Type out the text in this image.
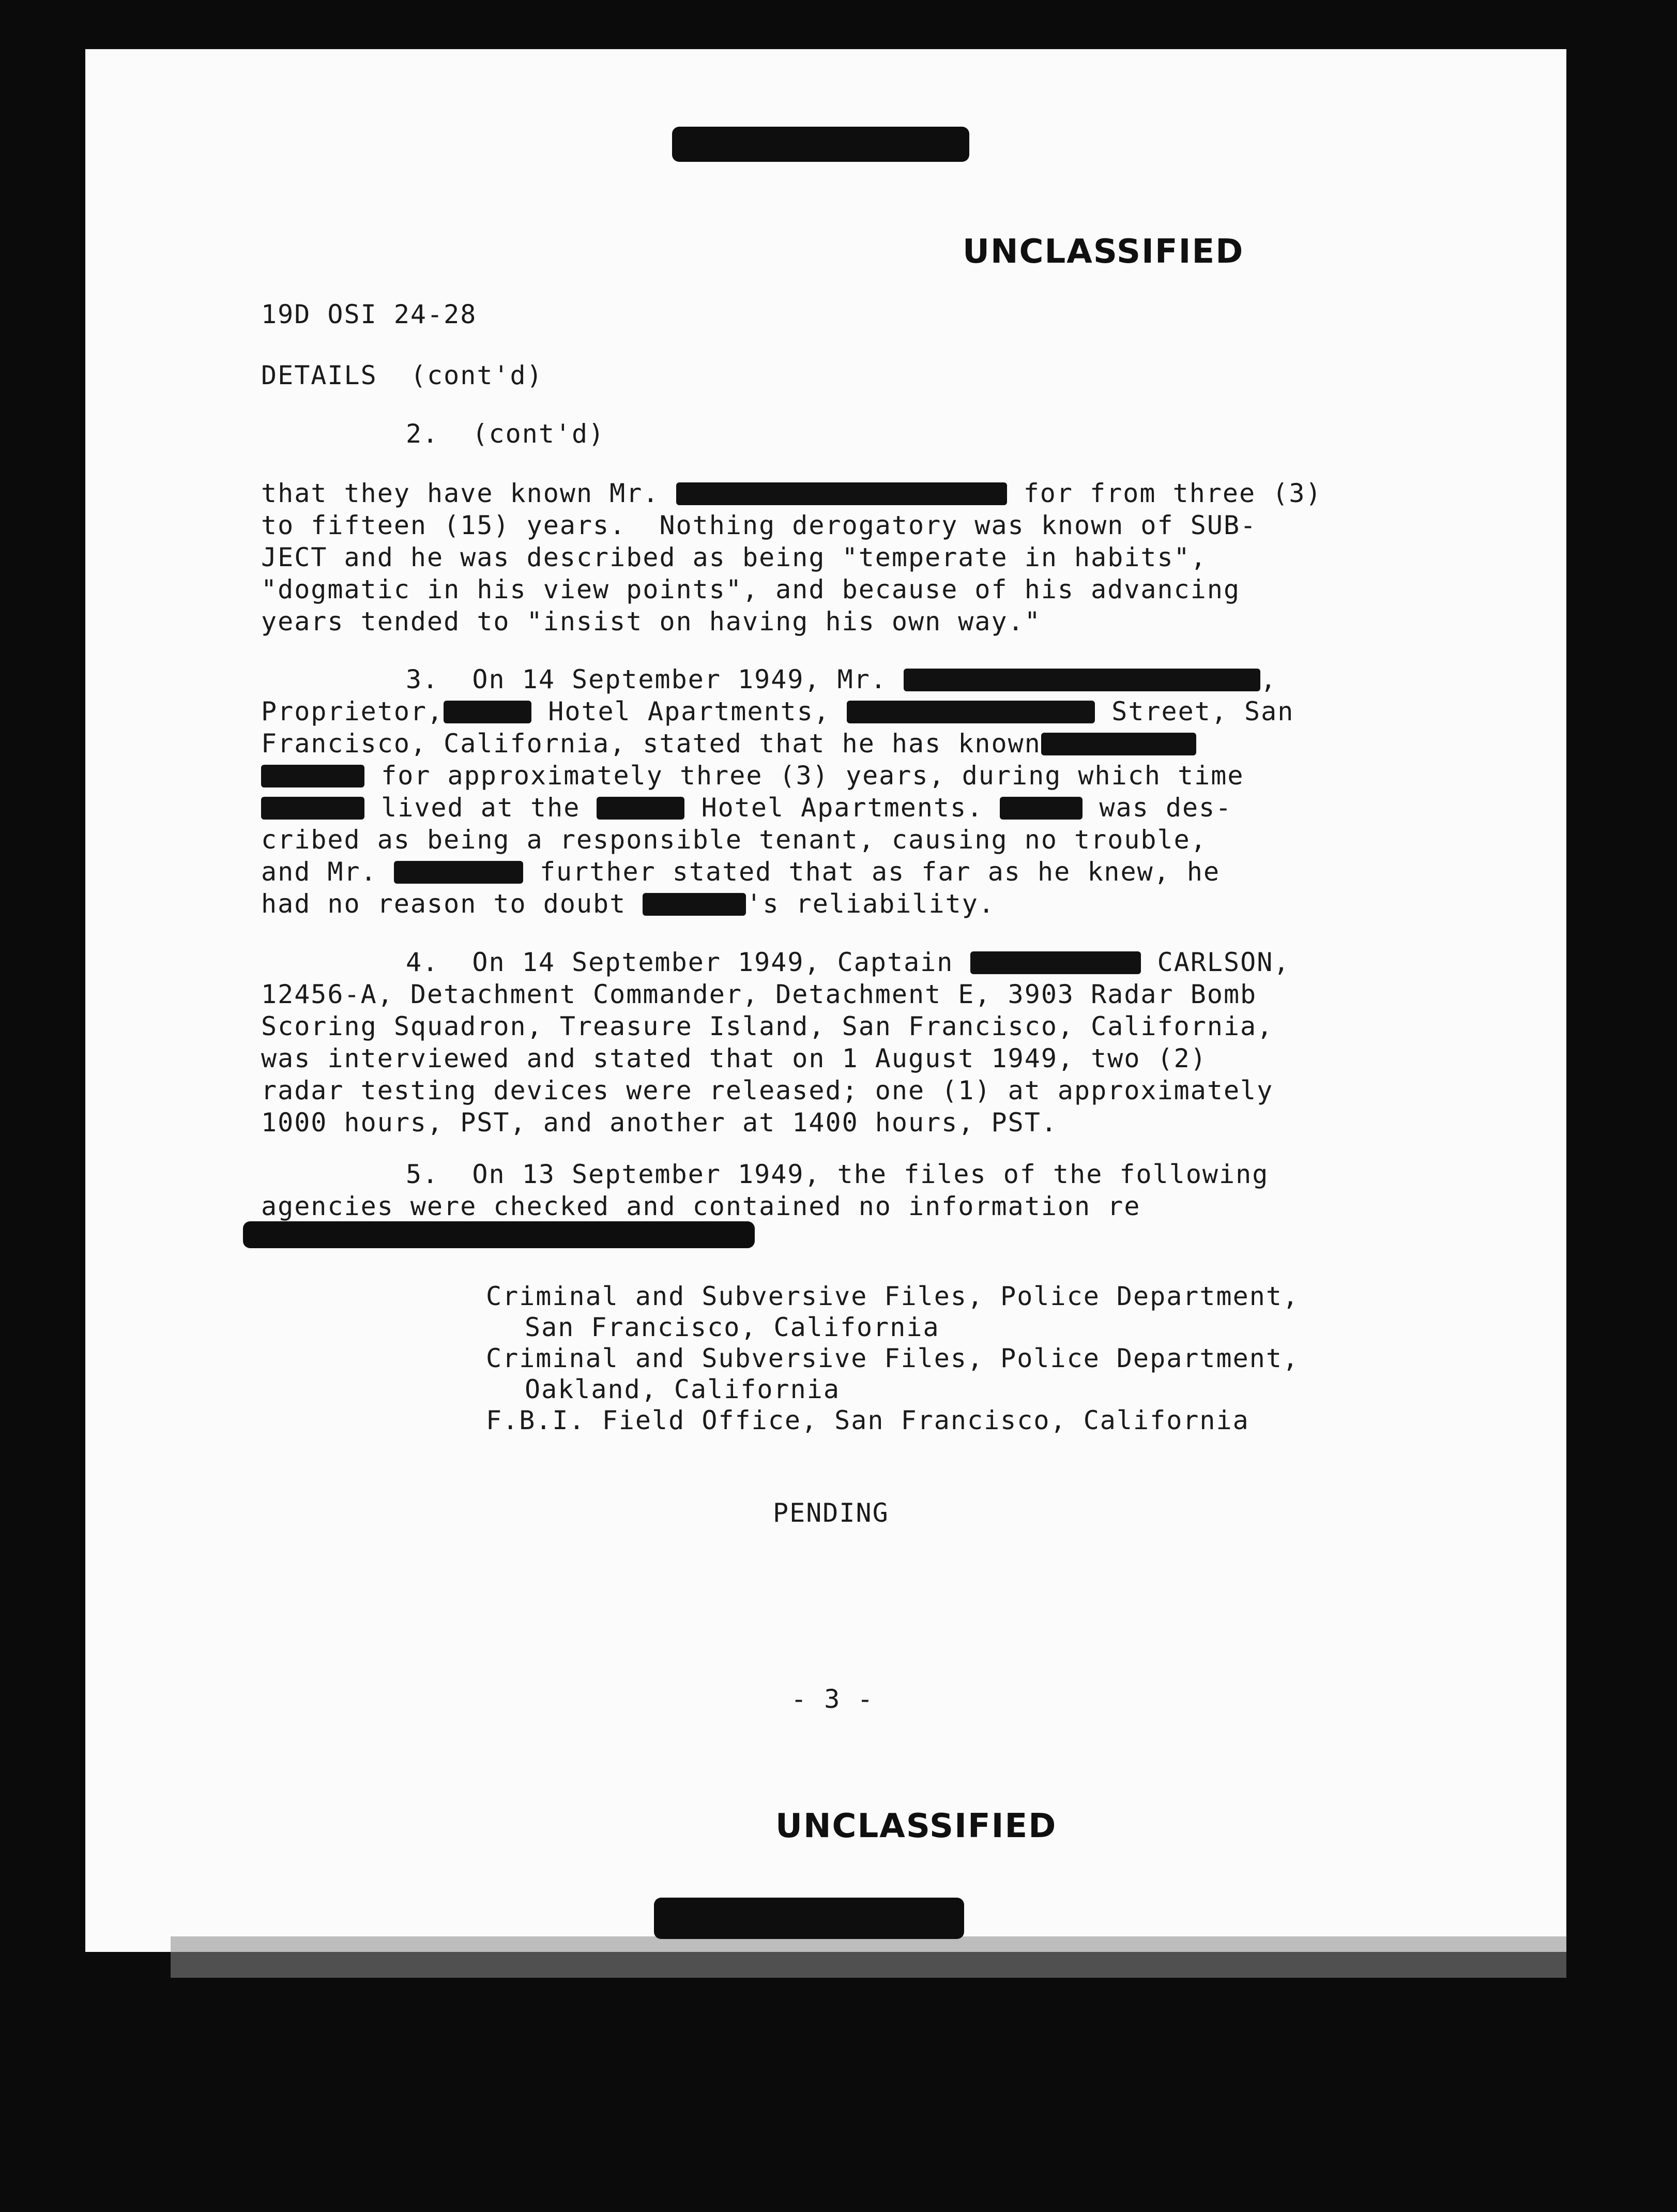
UNCLASSIFIED
19D OSI 24-28
DETAILS  (cont'd)
2.  (cont'd)
that they have known Mr.	for from three (3)
to fifteen (15) years.  Nothing derogatory was known of SUB-
JECT and he was described as being "temperate in habits",
"dogmatic in his view points", and because of his advancing
years tended to "insist on having his own way."
3.  On 14 September 1949, Mr.	,
Proprietor,	Hotel Apartments,	Street, San
Francisco, California, stated that he has known
for approximately three (3) years, during which time
lived at the	Hotel Apartments.	was des-
cribed as being a responsible tenant, causing no trouble,
and Mr.	further stated that as far as he knew, he
had no reason to doubt	's reliability.
4.  On 14 September 1949, Captain	CARLSON,
12456-A, Detachment Commander, Detachment E, 3903 Radar Bomb
Scoring Squadron, Treasure Island, San Francisco, California,
was interviewed and stated that on 1 August 1949, two (2)
radar testing devices were released; one (1) at approximately
1000 hours, PST, and another at 1400 hours, PST.
5.  On 13 September 1949, the files of the following
agencies were checked and contained no information re
Criminal and Subversive Files, Police Department,
San Francisco, California
Criminal and Subversive Files, Police Department,
Oakland, California
F.B.I. Field Office, San Francisco, California
PENDING
- 3 -
UNCLASSIFIED
